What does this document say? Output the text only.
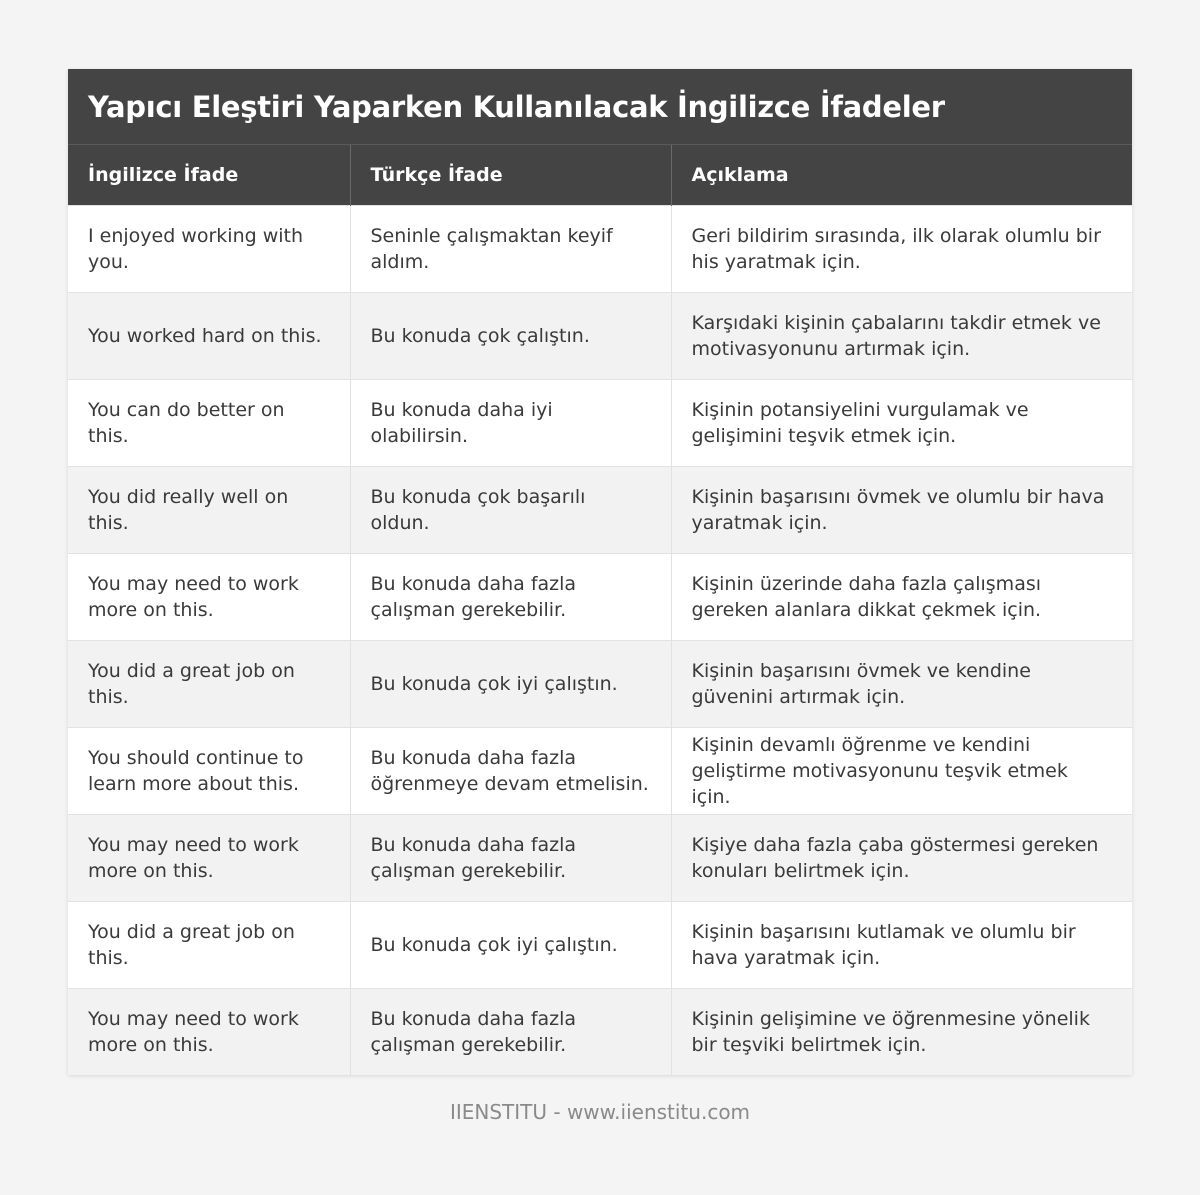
Yapıcı Eleştiri Yaparken Kullanılacak İngilizce İfadeler
İngilizce İfade	Türkçe İfade	Açıklama
I enjoyed working with you.	Seninle çalışmaktan keyif aldım.	Geri bildirim sırasında, ilk olarak olumlu bir his yaratmak için.
You worked hard on this.	Bu konuda çok çalıştın.	Karşıdaki kişinin çabalarını takdir etmek ve motivasyonunu artırmak için.
You can do better on this.	Bu konuda daha iyi olabilirsin.	Kişinin potansiyelini vurgulamak ve gelişimini teşvik etmek için.
You did really well on this.	Bu konuda çok başarılı oldun.	Kişinin başarısını övmek ve olumlu bir hava yaratmak için.
You may need to work more on this.	Bu konuda daha fazla çalışman gerekebilir.	Kişinin üzerinde daha fazla çalışması gereken alanlara dikkat çekmek için.
You did a great job on this.	Bu konuda çok iyi çalıştın.	Kişinin başarısını övmek ve kendine güvenini artırmak için.
You should continue to learn more about this.	Bu konuda daha fazla öğrenmeye devam etmelisin.	Kişinin devamlı öğrenme ve kendini geliştirme motivasyonunu teşvik etmek için.
You may need to work more on this.	Bu konuda daha fazla çalışman gerekebilir.	Kişiye daha fazla çaba göstermesi gereken konuları belirtmek için.
You did a great job on this.	Bu konuda çok iyi çalıştın.	Kişinin başarısını kutlamak ve olumlu bir hava yaratmak için.
You may need to work more on this.	Bu konuda daha fazla çalışman gerekebilir.	Kişinin gelişimine ve öğrenmesine yönelik bir teşviki belirtmek için.
IIENSTITU - www.iienstitu.com
